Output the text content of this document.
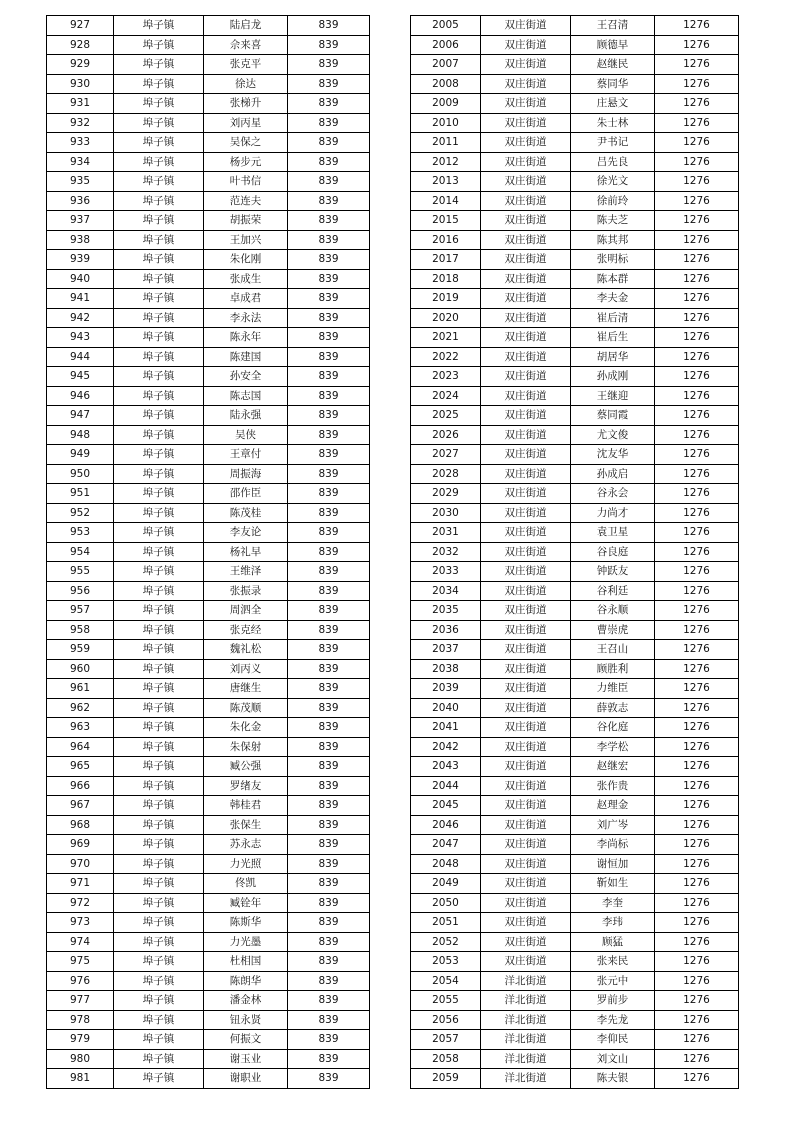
927	埠子镇	陆启龙	839
928	埠子镇	佘来喜	839
929	埠子镇	张克平	839
930	埠子镇	徐达	839
931	埠子镇	张梯升	839
932	埠子镇	刘丙星	839
933	埠子镇	吴保之	839
934	埠子镇	杨步元	839
935	埠子镇	叶书信	839
936	埠子镇	范连夫	839
937	埠子镇	胡振荣	839
938	埠子镇	王加兴	839
939	埠子镇	朱化刚	839
940	埠子镇	张成生	839
941	埠子镇	卓成君	839
942	埠子镇	李永法	839
943	埠子镇	陈永年	839
944	埠子镇	陈建国	839
945	埠子镇	孙安全	839
946	埠子镇	陈志国	839
947	埠子镇	陆永强	839
948	埠子镇	吴侠	839
949	埠子镇	王章付	839
950	埠子镇	周振海	839
951	埠子镇	邵作臣	839
952	埠子镇	陈茂桂	839
953	埠子镇	李友论	839
954	埠子镇	杨礼早	839
955	埠子镇	王维泽	839
956	埠子镇	张振录	839
957	埠子镇	周泗全	839
958	埠子镇	张克经	839
959	埠子镇	魏礼松	839
960	埠子镇	刘丙义	839
961	埠子镇	唐继生	839
962	埠子镇	陈茂顺	839
963	埠子镇	朱化金	839
964	埠子镇	朱保射	839
965	埠子镇	臧公强	839
966	埠子镇	罗绪友	839
967	埠子镇	韩桂君	839
968	埠子镇	张保生	839
969	埠子镇	苏永志	839
970	埠子镇	力光照	839
971	埠子镇	佟凯	839
972	埠子镇	臧铨年	839
973	埠子镇	陈斯华	839
974	埠子镇	力光墨	839
975	埠子镇	杜相国	839
976	埠子镇	陈朗华	839
977	埠子镇	潘金林	839
978	埠子镇	钮永贤	839
979	埠子镇	何振文	839
980	埠子镇	谢玉业	839
981	埠子镇	谢职业	839
2005	双庄街道	王召清	1276
2006	双庄街道	顾德早	1276
2007	双庄街道	赵继民	1276
2008	双庄街道	蔡同华	1276
2009	双庄街道	庄悬文	1276
2010	双庄街道	朱士林	1276
2011	双庄街道	尹书记	1276
2012	双庄街道	吕先良	1276
2013	双庄街道	徐光文	1276
2014	双庄街道	徐前玲	1276
2015	双庄街道	陈夫芝	1276
2016	双庄街道	陈其邦	1276
2017	双庄街道	张明标	1276
2018	双庄街道	陈本群	1276
2019	双庄街道	李夫金	1276
2020	双庄街道	崔后清	1276
2021	双庄街道	崔后生	1276
2022	双庄街道	胡居华	1276
2023	双庄街道	孙成刚	1276
2024	双庄街道	王继迎	1276
2025	双庄街道	蔡同霞	1276
2026	双庄街道	尤文俊	1276
2027	双庄街道	沈友华	1276
2028	双庄街道	孙成启	1276
2029	双庄街道	谷永会	1276
2030	双庄街道	力尚才	1276
2031	双庄街道	袁卫星	1276
2032	双庄街道	谷良庭	1276
2033	双庄街道	钟跃友	1276
2034	双庄街道	谷利廷	1276
2035	双庄街道	谷永顺	1276
2036	双庄街道	曹崇虎	1276
2037	双庄街道	王召山	1276
2038	双庄街道	顾胜利	1276
2039	双庄街道	力维臣	1276
2040	双庄街道	薛敦志	1276
2041	双庄街道	谷化庭	1276
2042	双庄街道	李学松	1276
2043	双庄街道	赵继宏	1276
2044	双庄街道	张作贵	1276
2045	双庄街道	赵理金	1276
2046	双庄街道	刘广岑	1276
2047	双庄街道	李尚标	1276
2048	双庄街道	谢恒加	1276
2049	双庄街道	靳如生	1276
2050	双庄街道	李奎	1276
2051	双庄街道	李玮	1276
2052	双庄街道	顾猛	1276
2053	双庄街道	张来民	1276
2054	洋北街道	张元中	1276
2055	洋北街道	罗前步	1276
2056	洋北街道	李先龙	1276
2057	洋北街道	李仰民	1276
2058	洋北街道	刘文山	1276
2059	洋北街道	陈夫银	1276
